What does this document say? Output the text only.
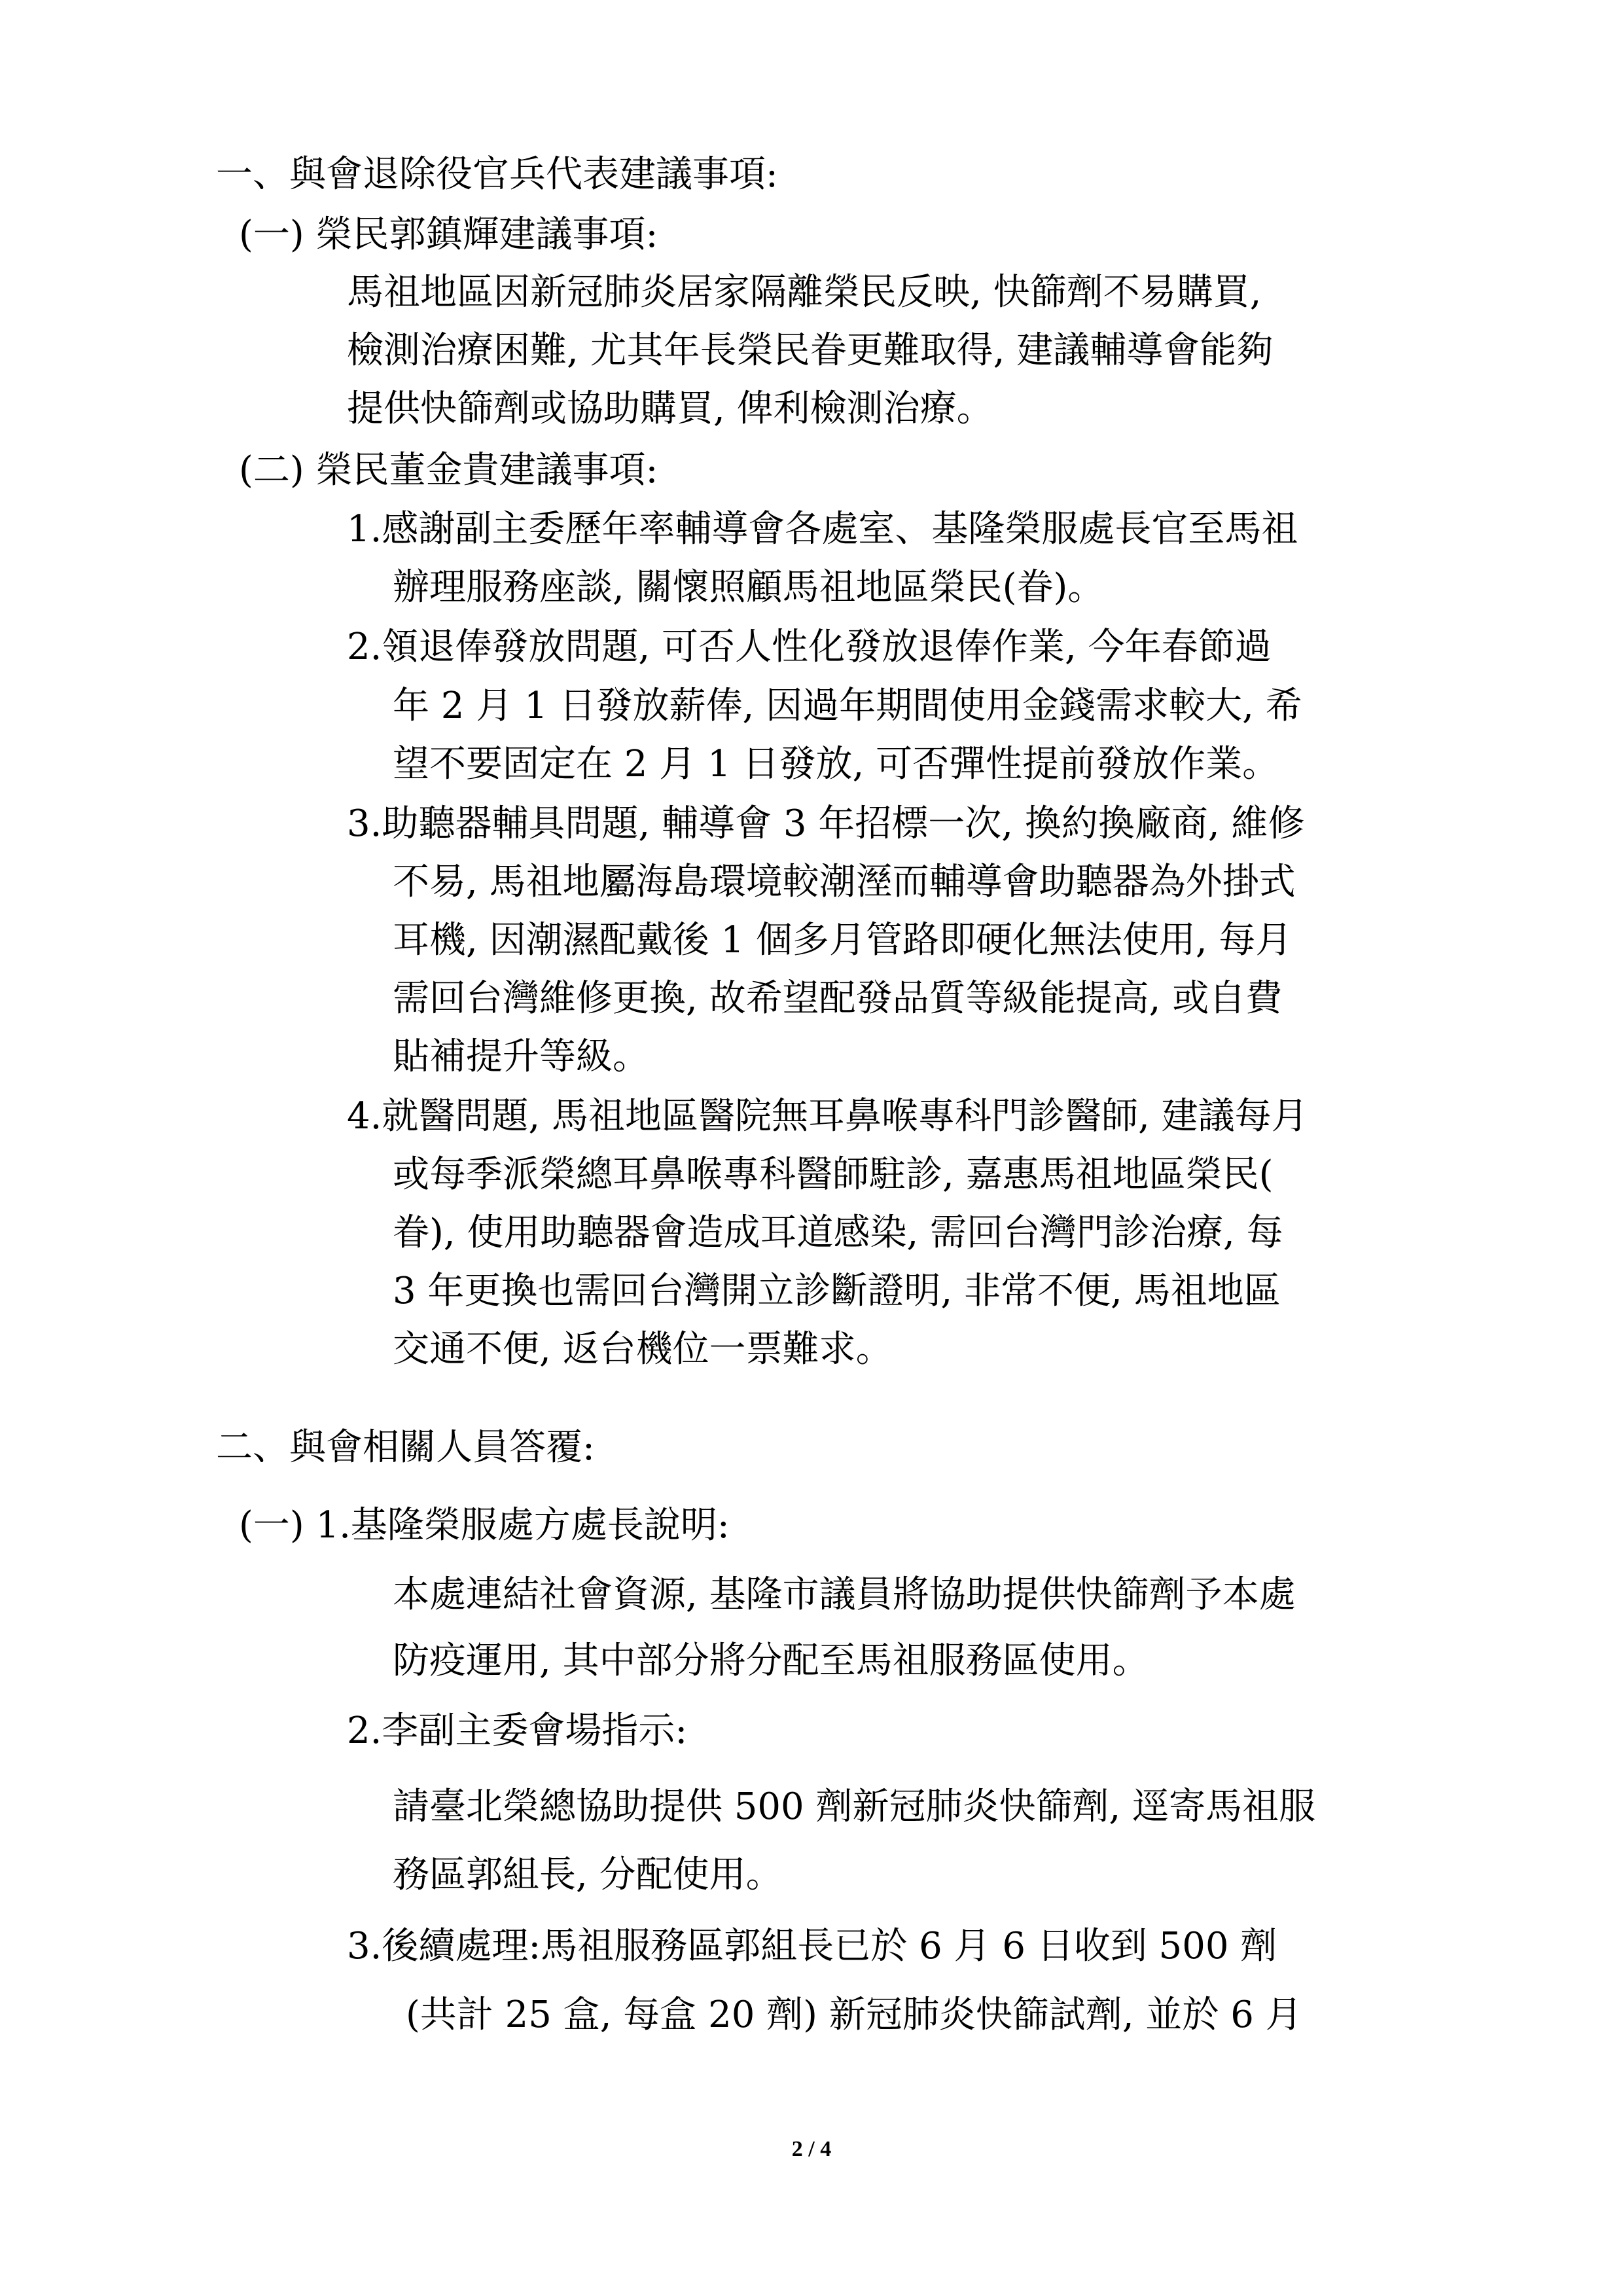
一、與會退除役官兵代表建議事項:
(一) 榮民郭鎮輝建議事項:
馬祖地區因新冠肺炎居家隔離榮民反映, 快篩劑不易購買,
檢測治療困難, 尤其年長榮民眷更難取得, 建議輔導會能夠
提供快篩劑或協助購買, 俾利檢測治療。
(二) 榮民董金貴建議事項:
1.感謝副主委歷年率輔導會各處室、基隆榮服處長官至馬祖
辦理服務座談, 關懷照顧馬祖地區榮民(眷)。
2.領退俸發放問題, 可否人性化發放退俸作業, 今年春節過
年 2 月 1 日發放薪俸, 因過年期間使用金錢需求較大, 希
望不要固定在 2 月 1 日發放, 可否彈性提前發放作業。
3.助聽器輔具問題, 輔導會 3 年招標一次, 換約換廠商, 維修
不易, 馬祖地屬海島環境較潮溼而輔導會助聽器為外掛式
耳機, 因潮濕配戴後 1 個多月管路即硬化無法使用, 每月
需回台灣維修更換, 故希望配發品質等級能提高, 或自費
貼補提升等級。
4.就醫問題, 馬祖地區醫院無耳鼻喉專科門診醫師, 建議每月
或每季派榮總耳鼻喉專科醫師駐診, 嘉惠馬祖地區榮民(
眷), 使用助聽器會造成耳道感染, 需回台灣門診治療, 每
3 年更換也需回台灣開立診斷證明, 非常不便, 馬祖地區
交通不便, 返台機位一票難求。
二、與會相關人員答覆:
(一) 1.基隆榮服處方處長說明:
本處連結社會資源, 基隆市議員將協助提供快篩劑予本處
防疫運用, 其中部分將分配至馬祖服務區使用。
2.李副主委會場指示:
請臺北榮總協助提供 500 劑新冠肺炎快篩劑, 逕寄馬祖服
務區郭組長, 分配使用。
3.後續處理:馬祖服務區郭組長已於 6 月 6 日收到 500 劑
(共計 25 盒, 每盒 20 劑) 新冠肺炎快篩試劑, 並於 6 月
2 / 4
